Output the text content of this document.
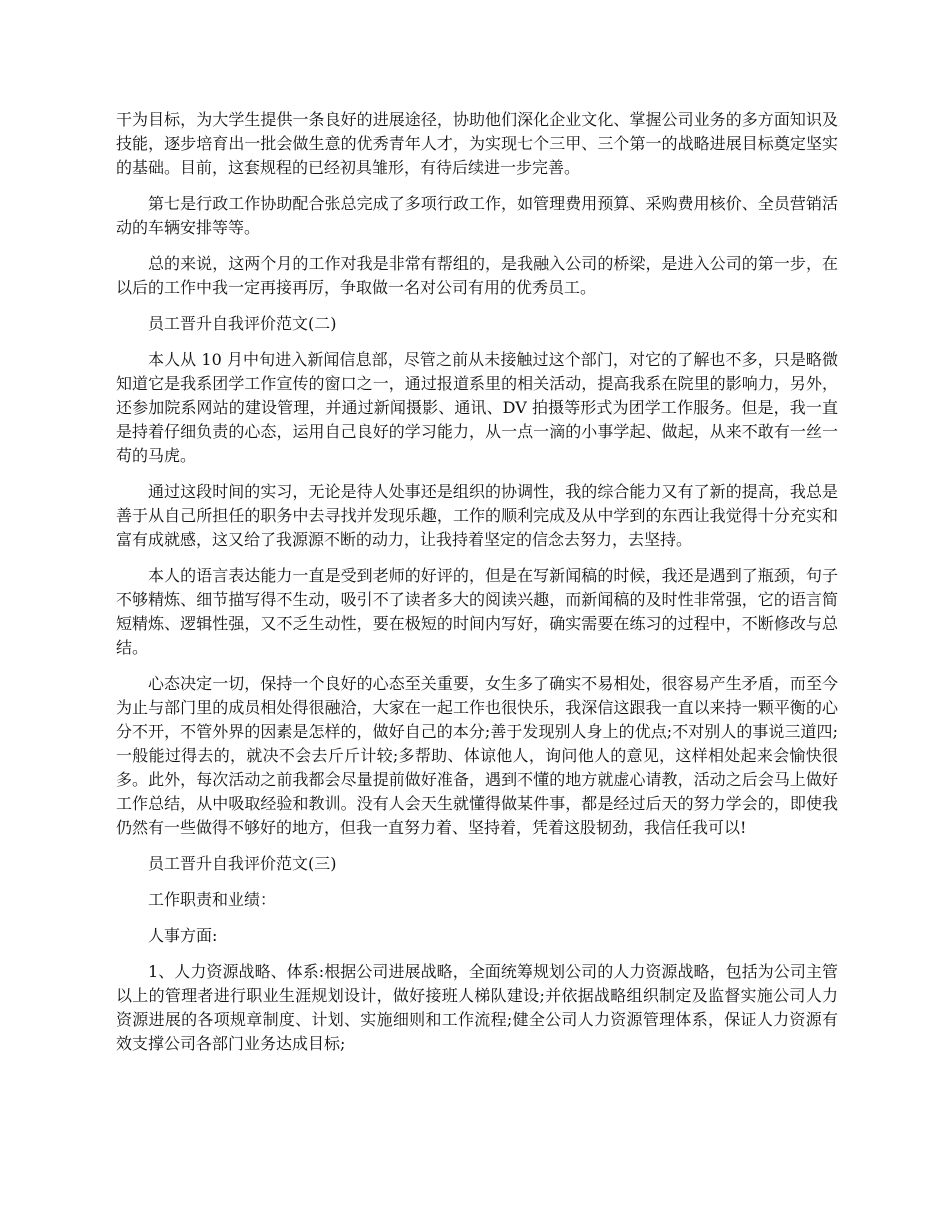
干为目标，为大学生提供一条良好的进展途径，协助他们深化企业文化、掌握公司业务的多方面知识及技能，逐步培育出一批会做生意的优秀青年人才，为实现七个三甲、三个第一的战略进展目标奠定坚实的基础。目前，这套规程的已经初具雏形，有待后续进一步完善。

第七是行政工作协助配合张总完成了多项行政工作，如管理费用预算、采购费用核价、全员营销活动的车辆安排等等。

总的来说，这两个月的工作对我是非常有帮组的，是我融入公司的桥梁，是进入公司的第一步，在以后的工作中我一定再接再厉，争取做一名对公司有用的优秀员工。

员工晋升自我评价范文(二)

本人从 10 月中旬进入新闻信息部，尽管之前从未接触过这个部门，对它的了解也不多，只是略微知道它是我系团学工作宣传的窗口之一，通过报道系里的相关活动，提高我系在院里的影响力，另外，还参加院系网站的建设管理，并通过新闻摄影、通讯、DV 拍摄等形式为团学工作服务。但是，我一直是持着仔细负责的心态，运用自己良好的学习能力，从一点一滴的小事学起、做起，从来不敢有一丝一苟的马虎。

通过这段时间的实习，无论是待人处事还是组织的协调性，我的综合能力又有了新的提高，我总是善于从自己所担任的职务中去寻找并发现乐趣，工作的顺利完成及从中学到的东西让我觉得十分充实和富有成就感，这又给了我源源不断的动力，让我持着坚定的信念去努力，去坚持。

本人的语言表达能力一直是受到老师的好评的，但是在写新闻稿的时候，我还是遇到了瓶颈，句子不够精炼、细节描写得不生动，吸引不了读者多大的阅读兴趣，而新闻稿的及时性非常强，它的语言简短精炼、逻辑性强，又不乏生动性，要在极短的时间内写好，确实需要在练习的过程中，不断修改与总结。

心态决定一切，保持一个良好的心态至关重要，女生多了确实不易相处，很容易产生矛盾，而至今为止与部门里的成员相处得很融洽，大家在一起工作也很快乐，我深信这跟我一直以来持一颗平衡的心分不开，不管外界的因素是怎样的，做好自己的本分;善于发现别人身上的优点;不对别人的事说三道四;一般能过得去的，就决不会去斤斤计较;多帮助、体谅他人，询问他人的意见，这样相处起来会愉快很多。此外，每次活动之前我都会尽量提前做好准备，遇到不懂的地方就虚心请教，活动之后会马上做好工作总结，从中吸取经验和教训。没有人会天生就懂得做某件事，都是经过后天的努力学会的，即使我仍然有一些做得不够好的地方，但我一直努力着、坚持着，凭着这股韧劲，我信任我可以!

员工晋升自我评价范文(三)

工作职责和业绩：

人事方面:

1、人力资源战略、体系:根据公司进展战略，全面统筹规划公司的人力资源战略，包括为公司主管以上的管理者进行职业生涯规划设计，做好接班人梯队建设;并依据战略组织制定及监督实施公司人力资源进展的各项规章制度、计划、实施细则和工作流程;健全公司人力资源管理体系，保证人力资源有效支撑公司各部门业务达成目标;
